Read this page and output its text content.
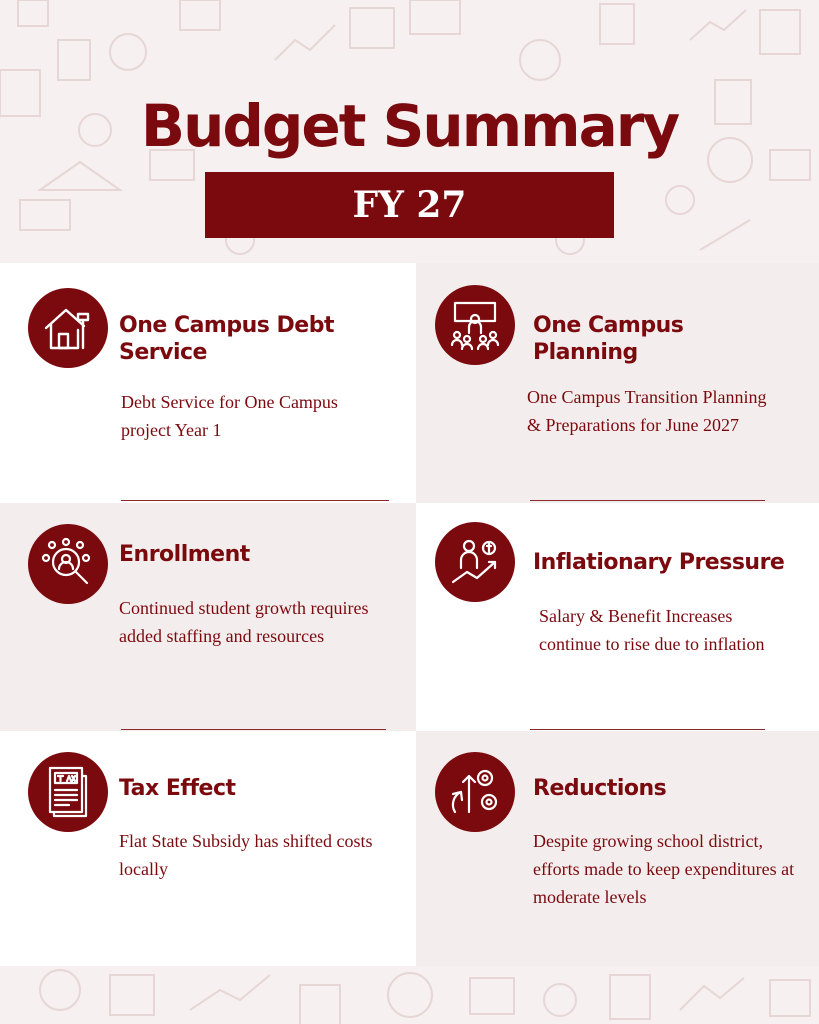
Budget Summary
FY 27
One Campus Debt Service
Debt Service for One Campus project Year 1
One Campus Planning
One Campus Transition Planning & Preparations for June 2027
Enrollment
Continued student growth requires added staffing and resources
Inflationary Pressure
Salary & Benefit Increases continue to rise due to inflation
Tax Effect
Flat State Subsidy has shifted costs locally
Reductions
Despite growing school district, efforts made to keep expenditures at moderate levels
